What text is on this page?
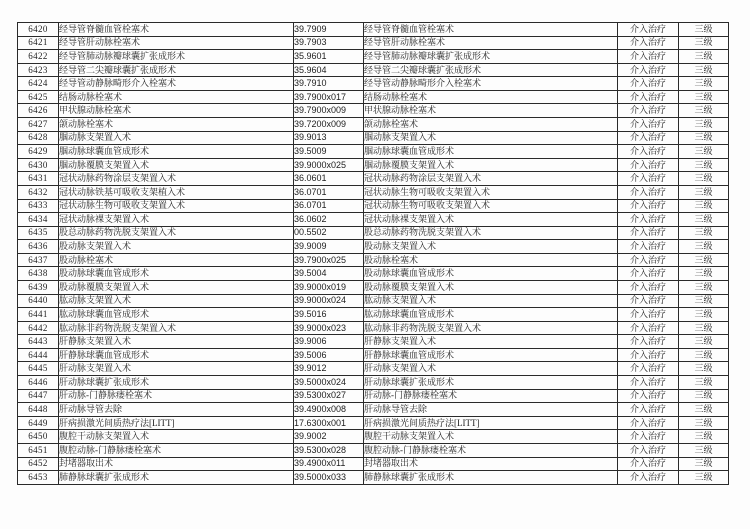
6420	经导管脊髓血管栓塞术	39.7909	经导管脊髓血管栓塞术	介入治疗	三级
6421	经导管肝动脉栓塞术	39.7903	经导管肝动脉栓塞术	介入治疗	三级
6422	经导管肺动脉瓣球囊扩张成形术	35.9601	经导管肺动脉瓣球囊扩张成形术	介入治疗	三级
6423	经导管二尖瓣球囊扩张成形术	35.9604	经导管二尖瓣球囊扩张成形术	介入治疗	三级
6424	经导管动静脉畸形介入栓塞术	39.7910	经导管动静脉畸形介入栓塞术	介入治疗	三级
6425	结肠动脉栓塞术	39.7900x017	结肠动脉栓塞术	介入治疗	三级
6426	甲状腺动脉栓塞术	39.7900x009	甲状腺动脉栓塞术	介入治疗	三级
6427	颌动脉栓塞术	39.7200x009	颌动脉栓塞术	介入治疗	三级
6428	腘动脉支架置入术	39.9013	腘动脉支架置入术	介入治疗	三级
6429	腘动脉球囊血管成形术	39.5009	腘动脉球囊血管成形术	介入治疗	三级
6430	腘动脉覆膜支架置入术	39.9000x025	腘动脉覆膜支架置入术	介入治疗	三级
6431	冠状动脉药物涂层支架置入术	36.0601	冠状动脉药物涂层支架置入术	介入治疗	三级
6432	冠状动脉铁基可吸收支架植入术	36.0701	冠状动脉生物可吸收支架置入术	介入治疗	三级
6433	冠状动脉生物可吸收支架置入术	36.0701	冠状动脉生物可吸收支架置入术	介入治疗	三级
6434	冠状动脉裸支架置入术	36.0602	冠状动脉裸支架置入术	介入治疗	三级
6435	股总动脉药物洗脱支架置入术	00.5502	股总动脉药物洗脱支架置入术	介入治疗	三级
6436	股动脉支架置入术	39.9009	股动脉支架置入术	介入治疗	三级
6437	股动脉栓塞术	39.7900x025	股动脉栓塞术	介入治疗	三级
6438	股动脉球囊血管成形术	39.5004	股动脉球囊血管成形术	介入治疗	三级
6439	股动脉覆膜支架置入术	39.9000x019	股动脉覆膜支架置入术	介入治疗	三级
6440	肱动脉支架置入术	39.9000x024	肱动脉支架置入术	介入治疗	三级
6441	肱动脉球囊血管成形术	39.5016	肱动脉球囊血管成形术	介入治疗	三级
6442	肱动脉非药物洗脱支架置入术	39.9000x023	肱动脉非药物洗脱支架置入术	介入治疗	三级
6443	肝静脉支架置入术	39.9006	肝静脉支架置入术	介入治疗	三级
6444	肝静脉球囊血管成形术	39.5006	肝静脉球囊血管成形术	介入治疗	三级
6445	肝动脉支架置入术	39.9012	肝动脉支架置入术	介入治疗	三级
6446	肝动脉球囊扩张成形术	39.5000x024	肝动脉球囊扩张成形术	介入治疗	三级
6447	肝动脉-门静脉瘘栓塞术	39.5300x027	肝动脉-门静脉瘘栓塞术	介入治疗	三级
6448	肝动脉导管去除	39.4900x008	肝动脉导管去除	介入治疗	三级
6449	肝病损激光间质热疗法[LITT]	17.6300x001	肝病损激光间质热疗法[LITT]	介入治疗	三级
6450	腹腔干动脉支架置入术	39.9002	腹腔干动脉支架置入术	介入治疗	三级
6451	腹腔动脉-门静脉瘘栓塞术	39.5300x028	腹腔动脉-门静脉瘘栓塞术	介入治疗	三级
6452	封堵器取出术	39.4900x011	封堵器取出术	介入治疗	三级
6453	肺静脉球囊扩张成形术	39.5000x033	肺静脉球囊扩张成形术	介入治疗	三级
